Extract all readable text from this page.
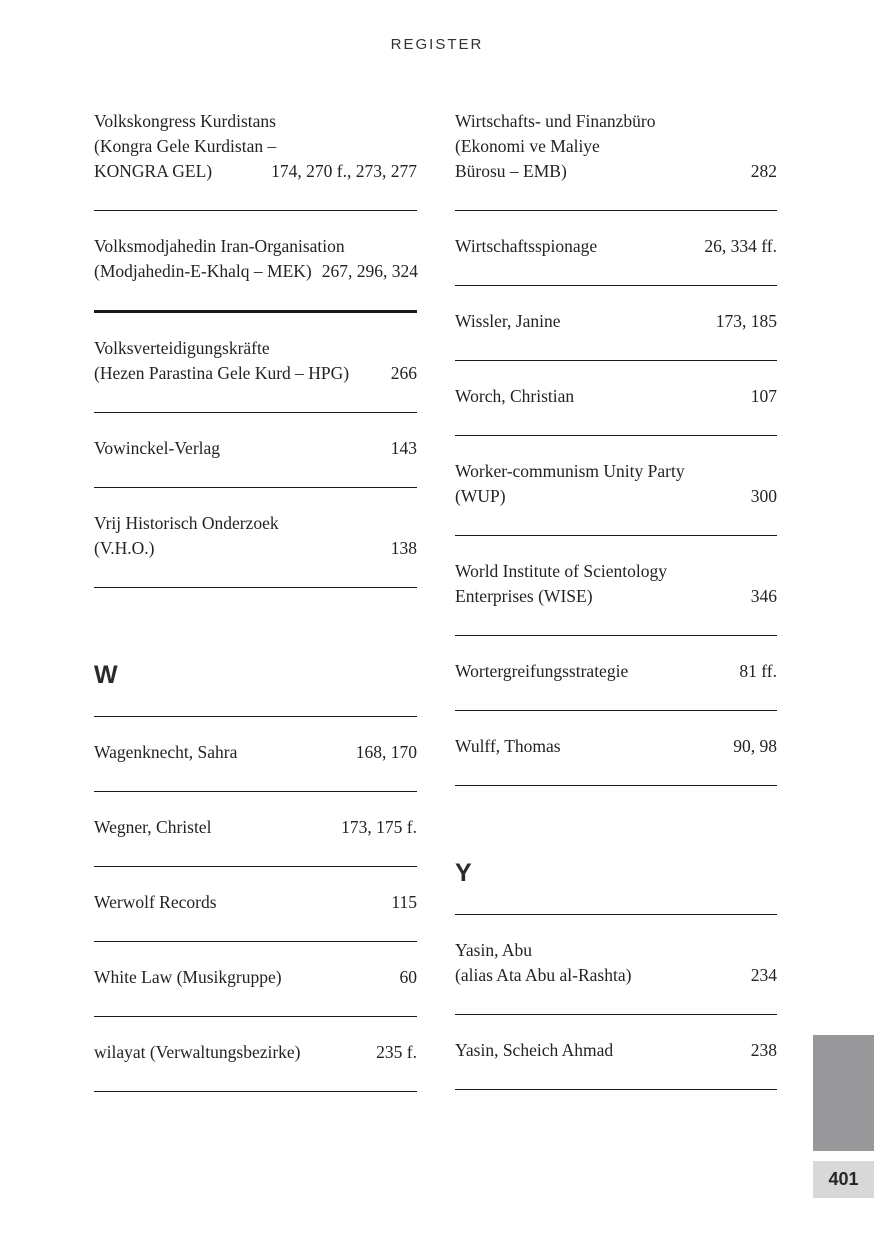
REGISTER
Volkskongress Kurdistans
(Kongra Gele Kurdistan –
KONGRA GEL)	174, 270 f., 273, 277
Volksmodjahedin Iran-Organisation
(Modjahedin-E-Khalq – MEK) 267, 296, 324
Volksverteidigungskräfte
(Hezen Parastina Gele Kurd – HPG)	266
Vowinckel-Verlag	143
Vrij Historisch Onderzoek
(V.H.O.)	138
W
Wagenknecht, Sahra	168, 170
Wegner, Christel	173, 175 f.
Werwolf Records	115
White Law (Musikgruppe)	60
wilayat (Verwaltungsbezirke)	235 f.
Wirtschafts- und Finanzbüro
(Ekonomi ve Maliye
Bürosu – EMB)	282
Wirtschaftsspionage	26, 334 ff.
Wissler, Janine	173, 185
Worch, Christian	107
Worker-communism Unity Party
(WUP)	300
World Institute of Scientology
Enterprises (WISE)	346
Wortergreifungsstrategie	81 ff.
Wulff, Thomas	90, 98
Y
Yasin, Abu
(alias Ata Abu al-Rashta)	234
Yasin, Scheich Ahmad	238
401
